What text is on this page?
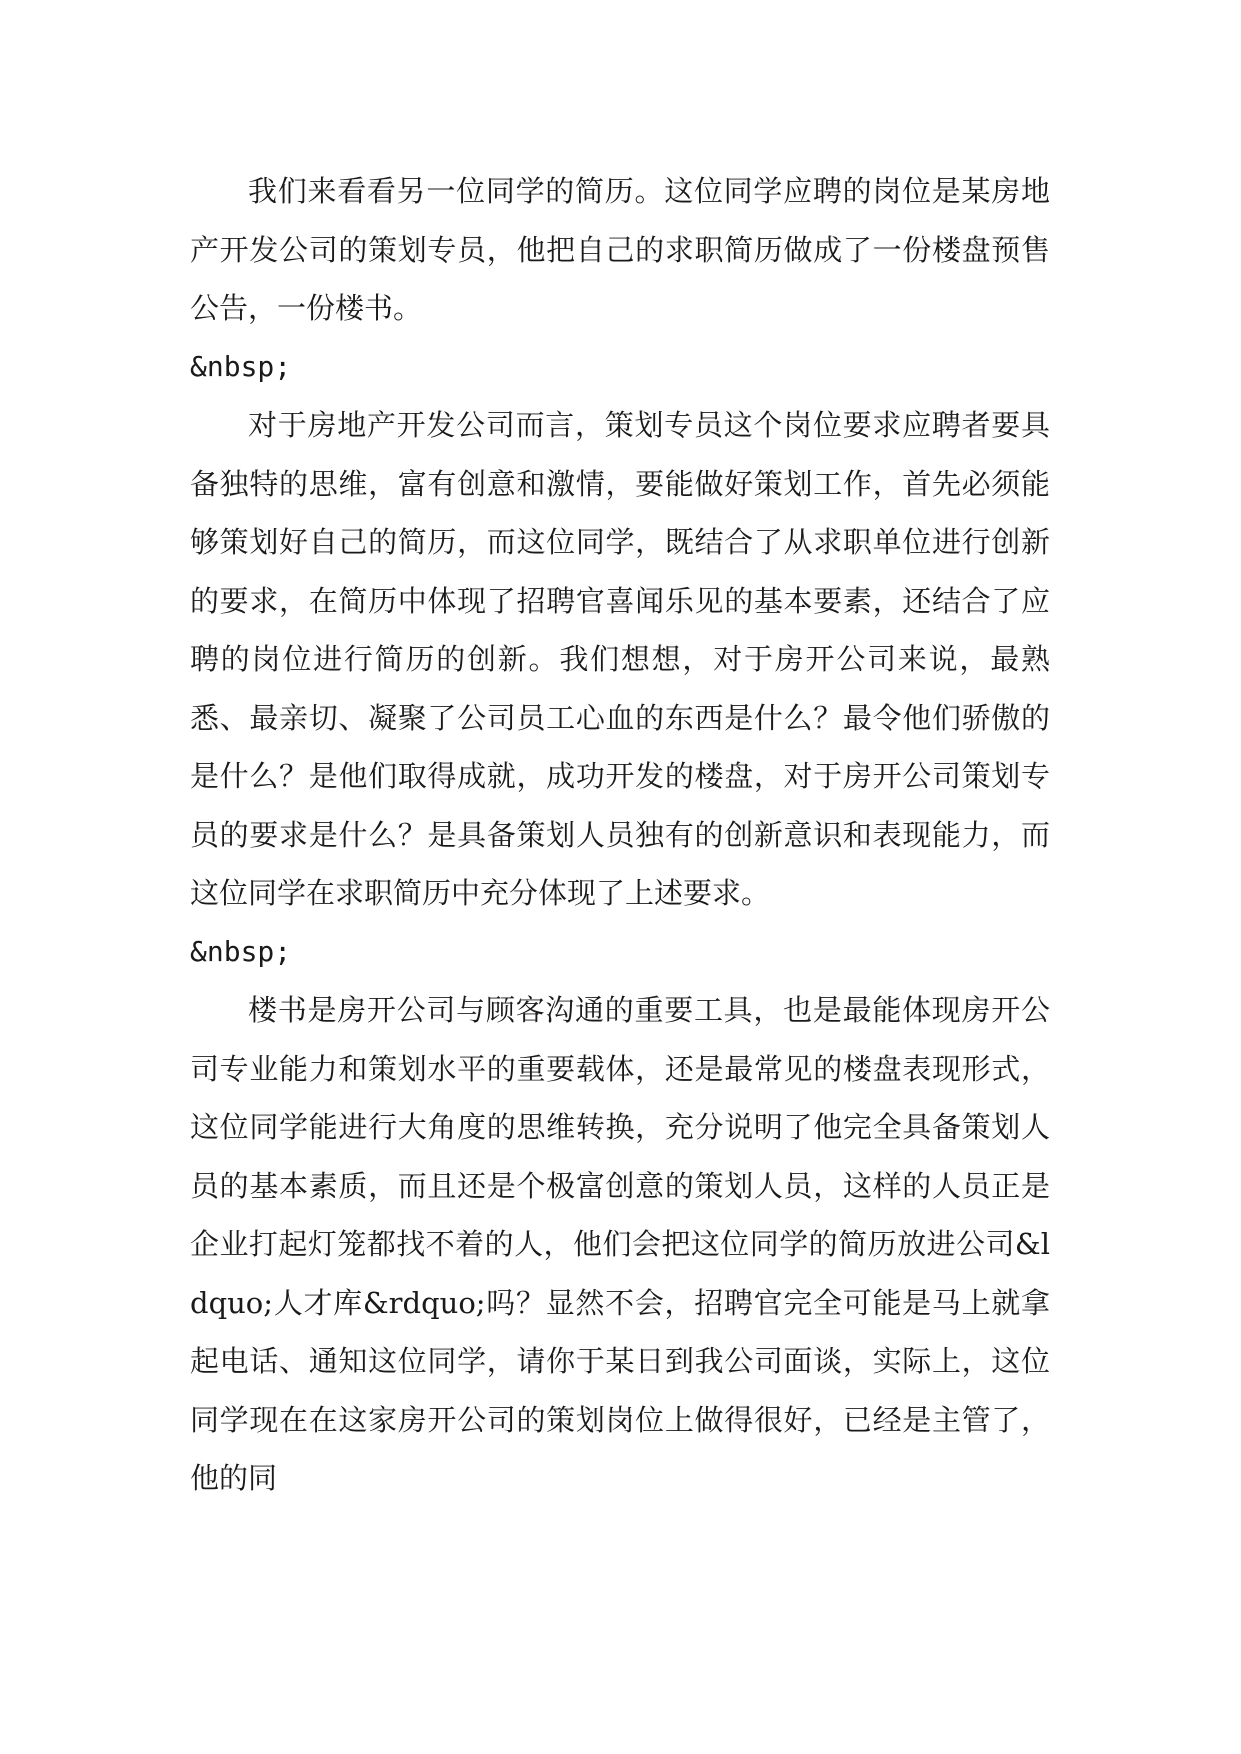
我们来看看另一位同学的简历。这位同学应聘的岗位是某房地产开发公司的策划专员，他把自己的求职简历做成了一份楼盘预售公告，一份楼书。

&nbsp;

对于房地产开发公司而言，策划专员这个岗位要求应聘者要具备独特的思维，富有创意和激情，要能做好策划工作，首先必须能够策划好自己的简历，而这位同学，既结合了从求职单位进行创新的要求，在简历中体现了招聘官喜闻乐见的基本要素，还结合了应聘的岗位进行简历的创新。我们想想，对于房开公司来说，最熟悉、最亲切、凝聚了公司员工心血的东西是什么？最令他们骄傲的是什么？是他们取得成就，成功开发的楼盘，对于房开公司策划专员的要求是什么？是具备策划人员独有的创新意识和表现能力，而这位同学在求职简历中充分体现了上述要求。

&nbsp;

楼书是房开公司与顾客沟通的重要工具，也是最能体现房开公司专业能力和策划水平的重要载体，还是最常见的楼盘表现形式，这位同学能进行大角度的思维转换，充分说明了他完全具备策划人员的基本素质，而且还是个极富创意的策划人员，这样的人员正是企业打起灯笼都找不着的人，他们会把这位同学的简历放进公司&ldquo;人才库&rdquo;吗？显然不会，招聘官完全可能是马上就拿起电话、通知这位同学，请你于某日到我公司面谈，实际上，这位同学现在在这家房开公司的策划岗位上做得很好，已经是主管了，他的同
